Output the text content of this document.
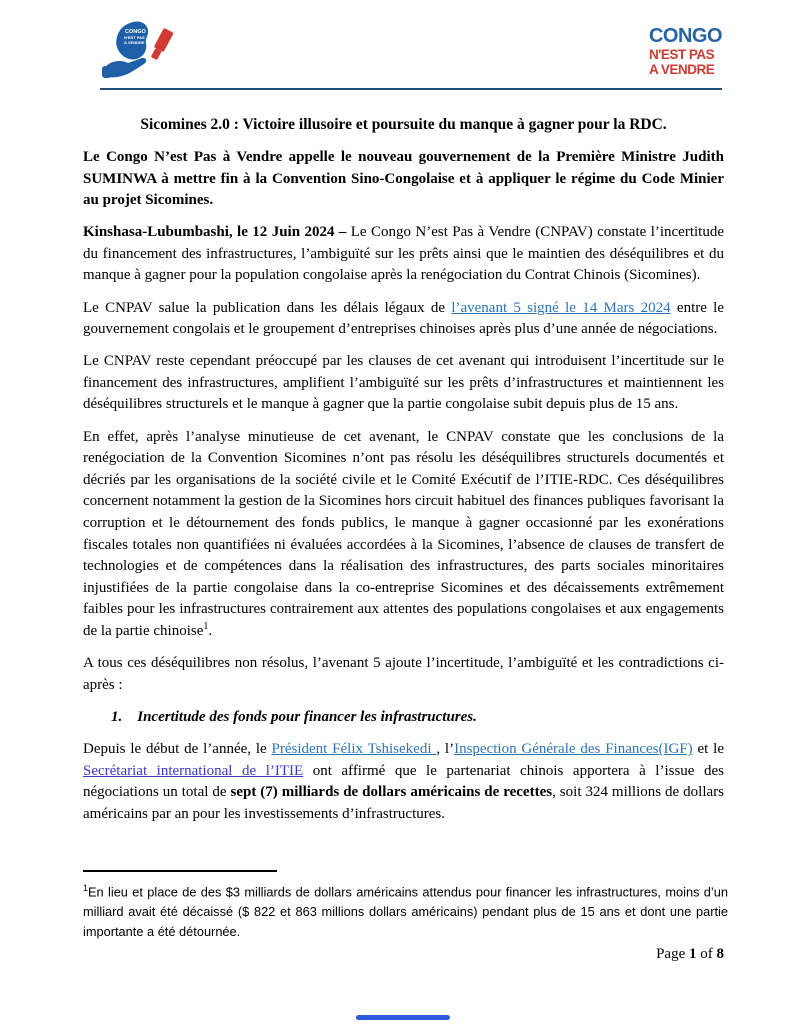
CONGO
N'EST PAS
A VENDRE	CONGO
N'EST PAS
A VENDRE
Sicomines 2.0 : Victoire illusoire et poursuite du manque à gagner pour la RDC.

Le Congo N’est Pas à Vendre appelle le nouveau gouvernement de la Première Ministre Judith SUMINWA à mettre fin à la Convention Sino-Congolaise et à appliquer le régime du Code Minier au projet Sicomines.

Kinshasa-Lubumbashi, le 12 Juin 2024 – Le Congo N’est Pas à Vendre (CNPAV) constate l’incertitude du financement des infrastructures, l’ambiguïté sur les prêts ainsi que le maintien des déséquilibres et du manque à gagner pour la population congolaise après la renégociation du Contrat Chinois (Sicomines).

Le CNPAV salue la publication dans les délais légaux de l’avenant 5 signé le 14 Mars 2024 entre le gouvernement congolais et le groupement d’entreprises chinoises après plus d’une année de négociations.

Le CNPAV reste cependant préoccupé par les clauses de cet avenant qui introduisent l’incertitude sur le financement des infrastructures, amplifient l’ambiguïté sur les prêts d’infrastructures et maintiennent les déséquilibres structurels et le manque à gagner que la partie congolaise subit depuis plus de 15 ans.

En effet, après l’analyse minutieuse de cet avenant, le CNPAV constate que les conclusions de la renégociation de la Convention Sicomines n’ont pas résolu les déséquilibres structurels documentés et décriés par les organisations de la société civile et le Comité Exécutif de l’ITIE-RDC. Ces déséquilibres concernent notamment la gestion de la Sicomines hors circuit habituel des finances publiques favorisant la corruption et le détournement des fonds publics, le manque à gagner occasionné par les exonérations fiscales totales non quantifiées ni évaluées accordées à la Sicomines, l’absence de clauses de transfert de technologies et de compétences dans la réalisation des infrastructures, des parts sociales minoritaires injustifiées de la partie congolaise dans la co-entreprise Sicomines et des décaissements extrêmement faibles pour les infrastructures contrairement aux attentes des populations congolaises et aux engagements de la partie chinoise$^1$.

A tous ces déséquilibres non résolus, l’avenant 5 ajoute l’incertitude, l’ambiguïté et les contradictions ci-après :

1. Incertitude des fonds pour financer les infrastructures.

Depuis le début de l’année, le Président Félix Tshisekedi , l’Inspection Générale des Finances(IGF) et le Secrétariat international de l’ITIE ont affirmé que le partenariat chinois apportera à l’issue des négociations un total de sept (7) milliards de dollars américains de recettes, soit 324 millions de dollars américains par an pour les investissements d’infrastructures.

$^1$En lieu et place de des $3 milliards de dollars américains attendus pour financer les infrastructures, moins d’un milliard avait été décaissé ($ 822 et 863 millions dollars américains) pendant plus de 15 ans et dont une partie importante a été détournée.
Page 1 of 8
